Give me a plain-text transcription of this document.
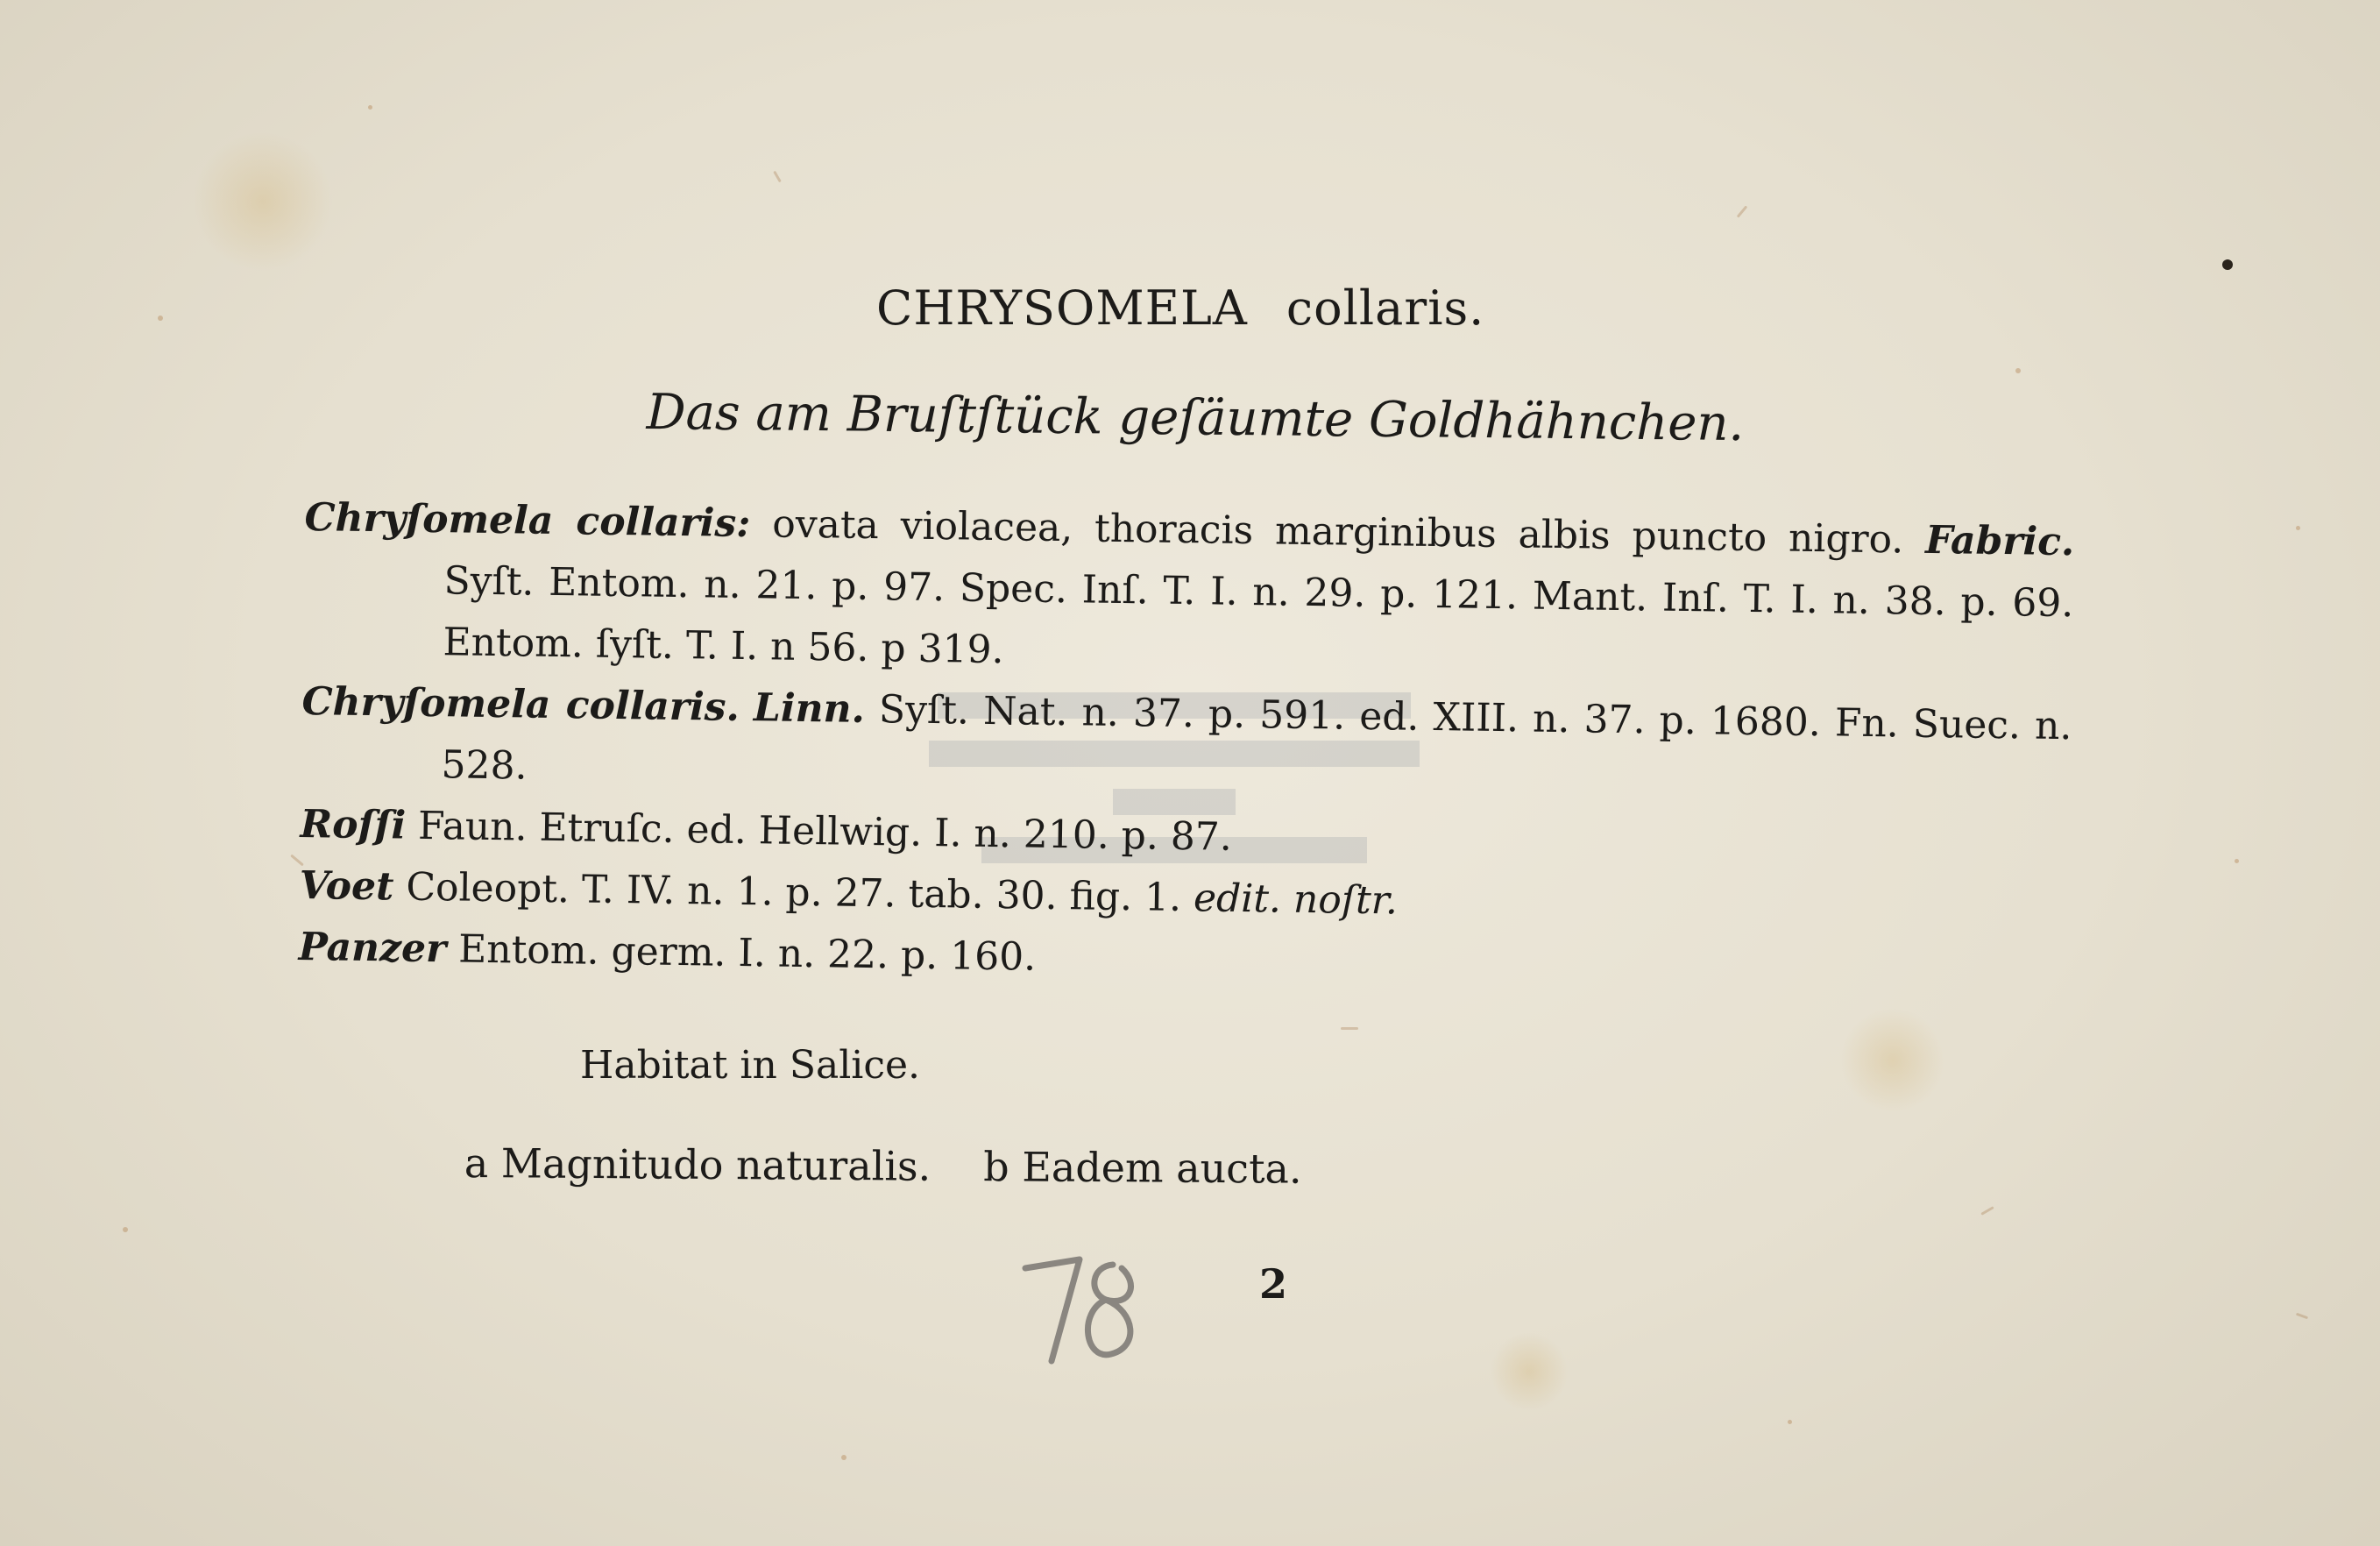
CHRYSOMELA collaris.
Das am Bruſtſtück geſäumte Goldhähnchen.
Chryſomela collaris: ovata violacea, thoracis marginibus albis puncto nigro. Fabric. Syſt. Entom. n. 21. p. 97. Spec. Inſ. T. I. n. 29. p. 121. Mant. Inſ. T. I. n. 38. p. 69. Entom. ſyſt. T. I. n 56. p 319.
Chryſomela collaris. Linn. Syſt. Nat. n. 37. p. 591. ed. XIII. n. 37. p. 1680. Fn. Suec. n. 528.
Roſſi Faun. Etruſc. ed. Hellwig. I. n. 210. p. 87.
Voet Coleopt. T. IV. n. 1. p. 27. tab. 30. fig. 1. edit. noſtr.
Panzer Entom. germ. I. n. 22. p. 160.
Habitat in Salice.
a Magnitudo naturalis. b Eadem aucta.
2
